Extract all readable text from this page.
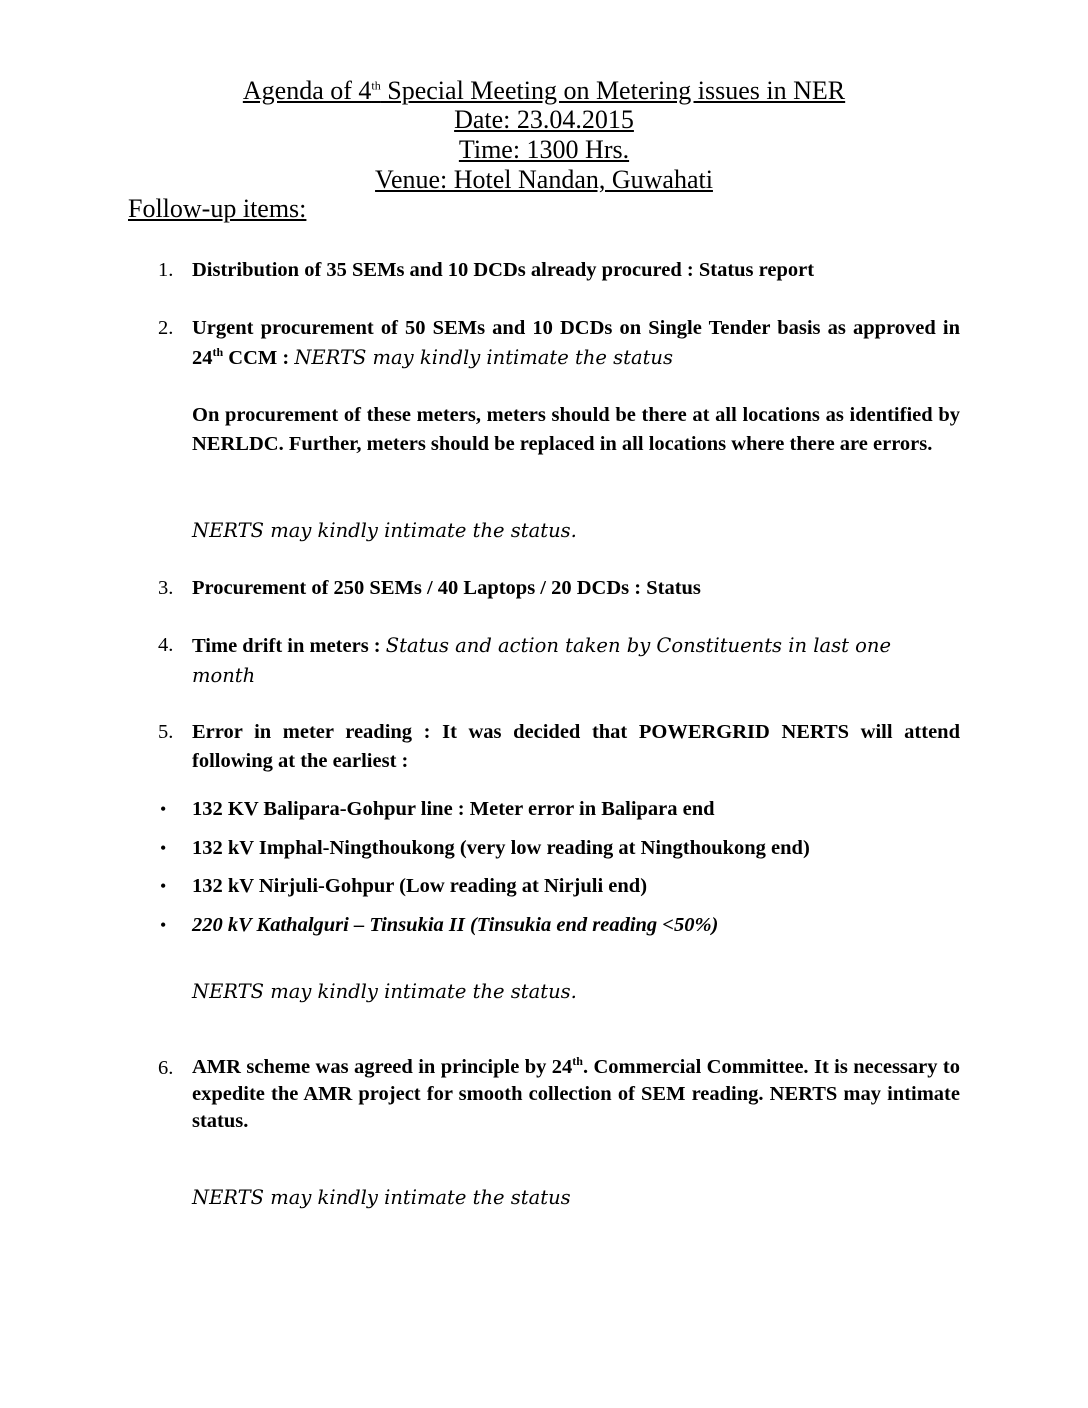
Agenda of 4th Special Meeting on Metering issues in NER
Date: 23.04.2015
Time: 1300 Hrs.
Venue: Hotel Nandan, Guwahati
Follow-up items:
1. Distribution of 35 SEMs and 10 DCDs already procured : Status report
2. Urgent procurement of 50 SEMs and 10 DCDs on Single Tender basis as approved in 24th CCM : NERTS may kindly intimate the status
On procurement of these meters, meters should be there at all locations as identified by NERLDC. Further, meters should be replaced in all locations where there are errors.
NERTS may kindly intimate the status.
3. Procurement of 250 SEMs / 40 Laptops / 20 DCDs : Status
4. Time drift in meters : Status and action taken by Constituents in last one month
5. Error in meter reading : It was decided that POWERGRID NERTS will attend following at the earliest :
• 132 KV Balipara-Gohpur line : Meter error in Balipara end
• 132 kV Imphal-Ningthoukong (very low reading at Ningthoukong end)
• 132 kV Nirjuli-Gohpur (Low reading at Nirjuli end)
• 220 kV Kathalguri – Tinsukia II (Tinsukia end reading <50%)
NERTS may kindly intimate the status.
6. AMR scheme was agreed in principle by 24th. Commercial Committee. It is necessary to expedite the AMR project for smooth collection of SEM reading. NERTS may intimate status.
NERTS may kindly intimate the status
